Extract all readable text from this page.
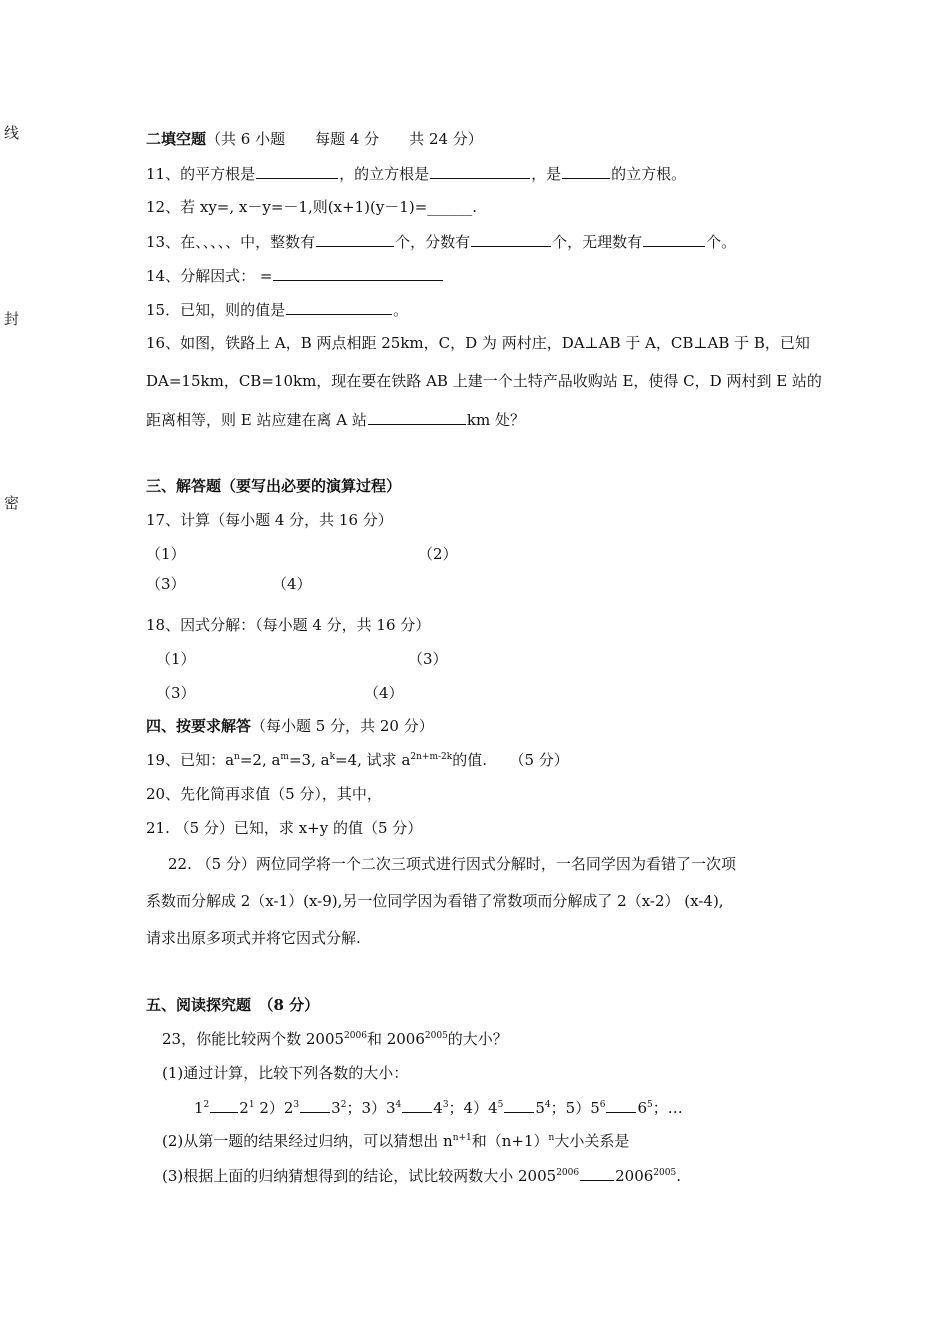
线
封
密
二填空题（共 6 小题　　每题 4 分　　共 24 分）
11、的平方根是	，的立方根是	，是	的立方根。
12、若 xy=, x－y=－1,则(x+1)(y－1)=______.
13、在、、、、、中，整数有	个，分数有	个，无理数有	个。
14、分解因式： =
15．已知，则的值是	。
16、如图，铁路上 A，B 两点相距 25km，C，D 为 两村庄，DA⊥AB 于 A，CB⊥AB 于 B，已知
DA=15km，CB=10km，现在要在铁路 AB 上建一个土特产品收购站 E，使得 C，D 两村到 E 站的
距离相等，则 E 站应建在离 A 站	km 处？
三、解答题（要写出必要的演算过程）
17、计算（每小题 4 分，共 16 分）
（1）	（2）
（3）	（4）
18、因式分解：（每小题 4 分，共 16 分）
（1）	（3）
（3）	（4）
四、按要求解答（每小题 5 分，共 20 分）
19、已知：$a^n=2$, $a^m=3$, $a^k=4$, 试求 $a^{2n+m-2k}$的值.　　（5 分）
20、先化简再求值（5 分），其中，
21. （5 分）已知，求 x+y 的值（5 分）
22. （5 分）两位同学将一个二次三项式进行因式分解时，一名同学因为看错了一次项
系数而分解成 2（x-1）(x-9),另一位同学因为看错了常数项而分解成了 2（x-2） (x-4),
请求出原多项式并将它因式分解.
五、阅读探究题　（8 分）
23，你能比较两个数 $2005^{2006}$和 $2006^{2005}$的大小？
(1)通过计算，比较下列各数的大小：
$1^2$ $2^1$ $2)2^3$ $3^2$；$3)3^4$ $4^3$；$4)4^5$ $5^4$；$5)5^6$ $6^5$；…
(2)从第一题的结果经过归纳，可以猜想出 $n^{n+1}$和$(n+1)^n$大小关系是
(3)根据上面的归纳猜想得到的结论，试比较两数大小 $2005^{2006}$ $2006^{2005}$.
